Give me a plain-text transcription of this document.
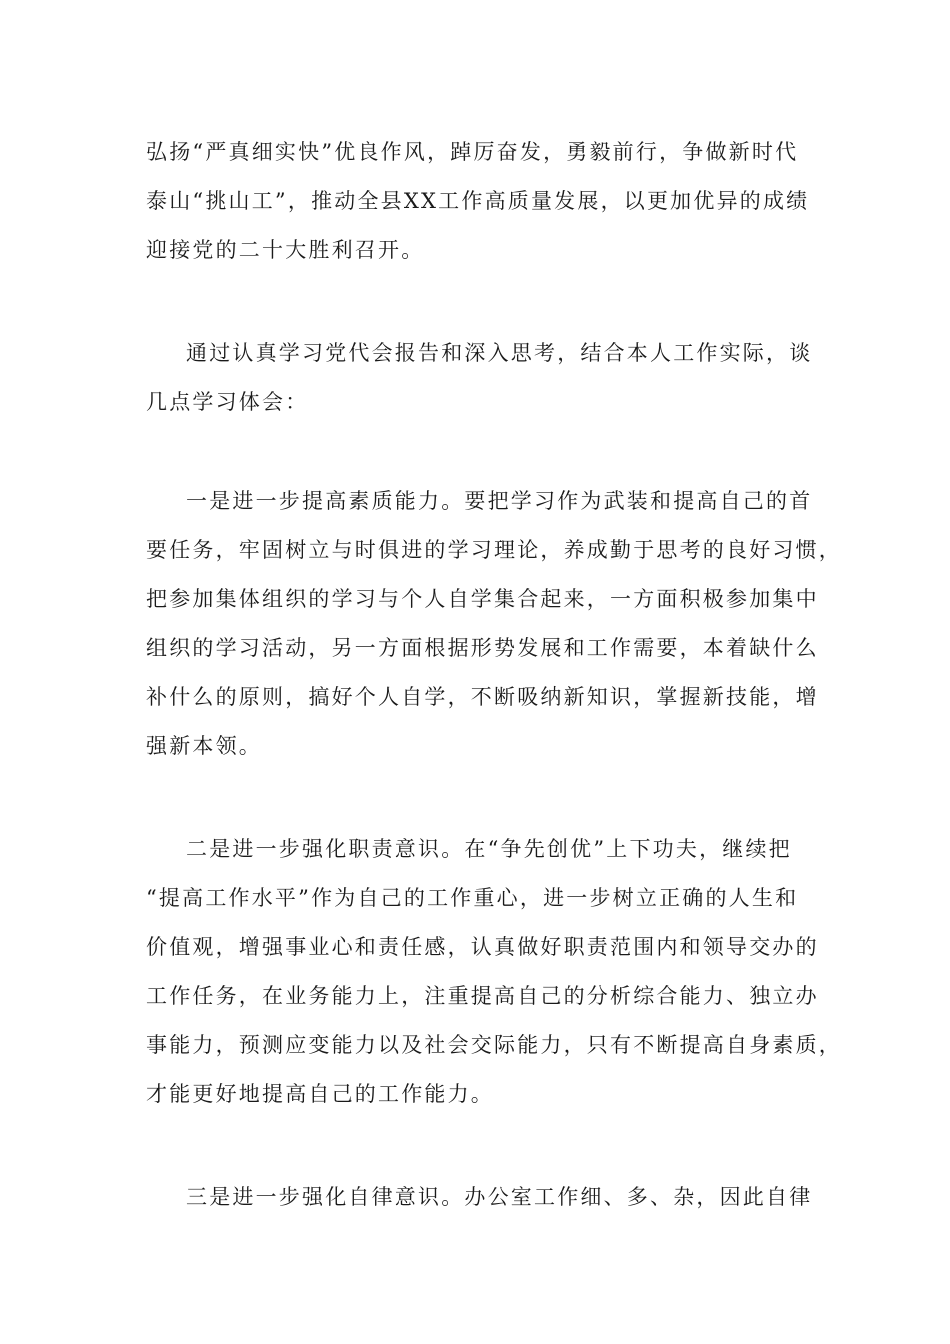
弘扬“严真细实快”优良作风，踔厉奋发，勇毅前行，争做新时代
泰山“挑山工”，推动全县XX工作高质量发展，以更加优异的成绩
迎接党的二十大胜利召开。
通过认真学习党代会报告和深入思考，结合本人工作实际，谈
几点学习体会：
一是进一步提高素质能力。要把学习作为武装和提高自己的首
要任务，牢固树立与时俱进的学习理论，养成勤于思考的良好习惯，
把参加集体组织的学习与个人自学集合起来，一方面积极参加集中
组织的学习活动，另一方面根据形势发展和工作需要，本着缺什么
补什么的原则，搞好个人自学，不断吸纳新知识，掌握新技能，增
强新本领。
二是进一步强化职责意识。在“争先创优”上下功夫，继续把
“提高工作水平”作为自己的工作重心，进一步树立正确的人生和
价值观，增强事业心和责任感，认真做好职责范围内和领导交办的
工作任务，在业务能力上，注重提高自己的分析综合能力、独立办
事能力，预测应变能力以及社会交际能力，只有不断提高自身素质，
才能更好地提高自己的工作能力。
三是进一步强化自律意识。办公室工作细、多、杂，因此自律
